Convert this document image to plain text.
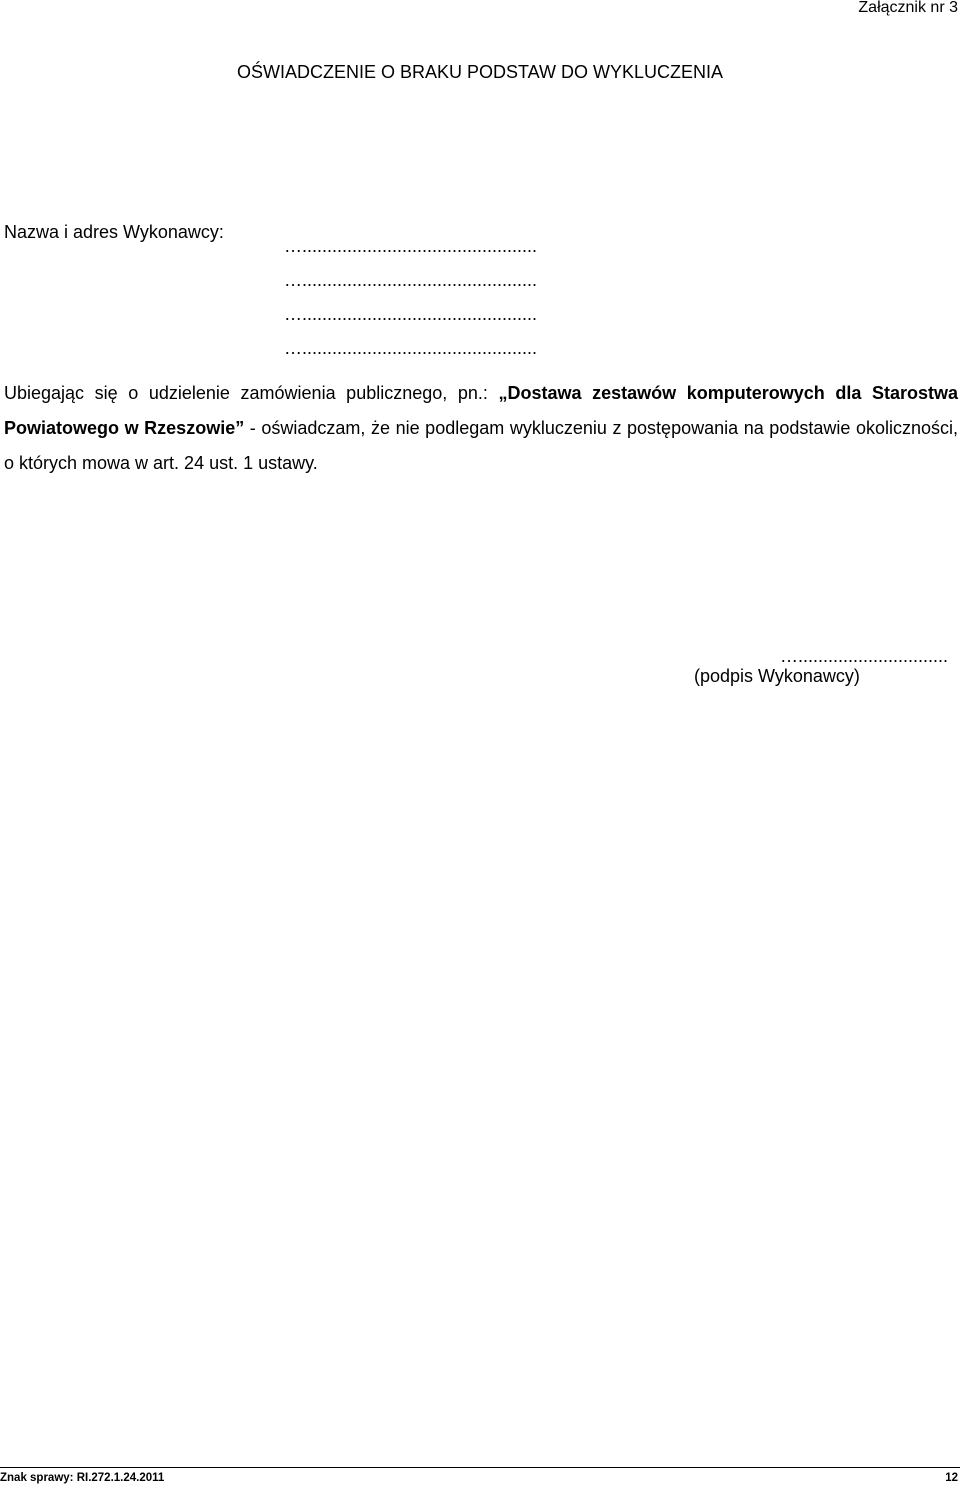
Załącznik nr 3
OŚWIADCZENIE O BRAKU PODSTAW DO WYKLUCZENIA
Nazwa i adres Wykonawcy:
…...............................................
…...............................................
…...............................................
…...............................................

Ubiegając się o udzielenie zamówienia publicznego, pn.: „Dostawa zestawów komputerowych dla Starostwa Powiatowego w Rzeszowie” - oświadczam, że nie podlegam wykluczeniu z postępowania na podstawie okoliczności, o których mowa w art. 24 ust. 1 ustawy.

…..............................
(podpis Wykonawcy)
Znak sprawy: RI.272.1.24.2011	12
